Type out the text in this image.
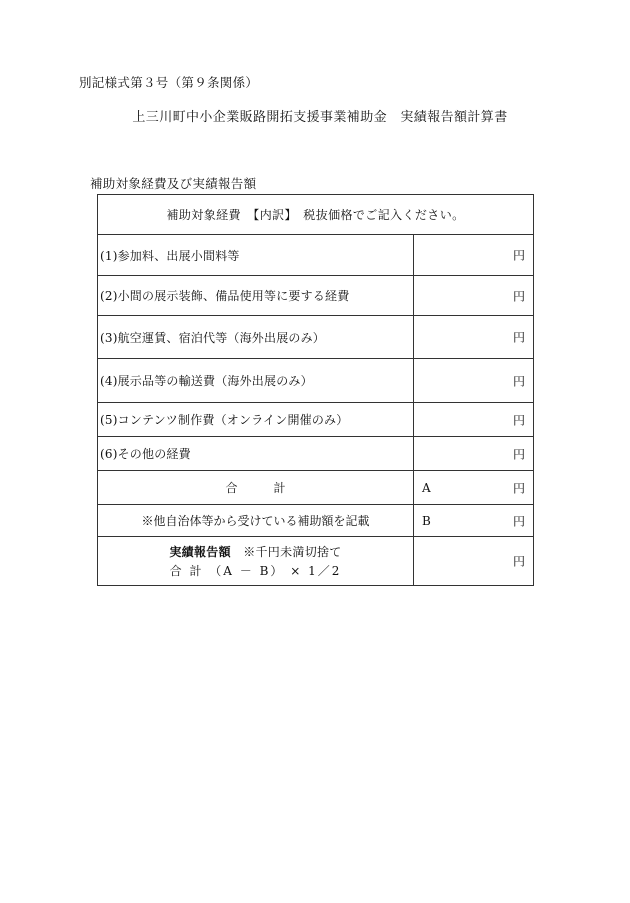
別記様式第３号（第９条関係）
上三川町中小企業販路開拓支援事業補助金　実績報告額計算書
補助対象経費及び実績報告額
補助対象経費　【内訳】　税抜価格でご記入ください。	
(1)参加料、出展小間料等	円

(2)小間の展示装飾、備品使用等に要する経費	円

(3)航空運賃、宿泊代等（海外出展のみ）	円

(4)展示品等の輸送費（海外出展のみ）	円

(5)コンテンツ制作費（オンライン開催のみ）	円

(6)その他の経費	円

合　　　計	A 円

※他自治体等から受けている補助額を記載	B 円

実績報告額　 ※千円未満切捨て
合 計 （A － B） × 1／2	円
